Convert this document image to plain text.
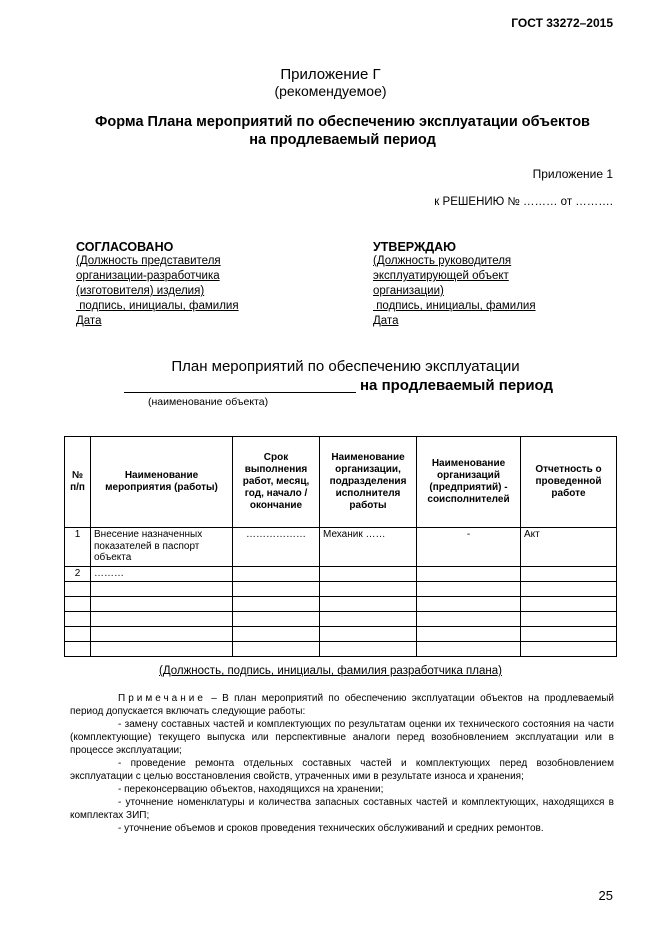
ГОСТ 33272–2015
Приложение Г
(рекомендуемое)
Форма Плана мероприятий по обеспечению эксплуатации объектов
на продлеваемый период
Приложение 1
к РЕШЕНИЮ № ……… от ……….
СОГЛАСОВАНО
(Должность представителя
организации-разработчика
(изготовителя) изделия)
подпись, инициалы, фамилия
Дата
УТВЕРЖДАЮ
(Должность руководителя
эксплуатирующей объект
организации)
подпись, инициалы, фамилия
Дата
План мероприятий по обеспечению эксплуатации
на продлеваемый период
(наименование объекта)
№ п/п	Наименование мероприятия (работы)	Срок выполнения работ, месяц, год, начало / окончание	Наименование организации, подразделения исполнителя работы	Наименование организаций (предприятий) - соисполнителей	Отчетность о проведенной работе
1	Внесение назначенных показателей в паспорт объекта	………………	Механик ……	-	Акт
2	………				

(Должность, подпись, инициалы, фамилия разработчика плана)

Примечание – В план мероприятий по обеспечению эксплуатации объектов на продлеваемый период допускается включать следующие работы:

- замену составных частей и комплектующих по результатам оценки их технического состояния на части (комплектующие) текущего выпуска или перспективные аналоги перед возобновлением эксплуатации или в процессе эксплуатации;

- проведение ремонта отдельных составных частей и комплектующих перед возобновлением эксплуатации с целью восстановления свойств, утраченных ими в результате износа и хранения;

- переконсервацию объектов, находящихся на хранении;

- уточнение номенклатуры и количества запасных составных частей и комплектующих, находящихся в комплектах ЗИП;

- уточнение объемов и сроков проведения технических обслуживаний и средних ремонтов.

25
